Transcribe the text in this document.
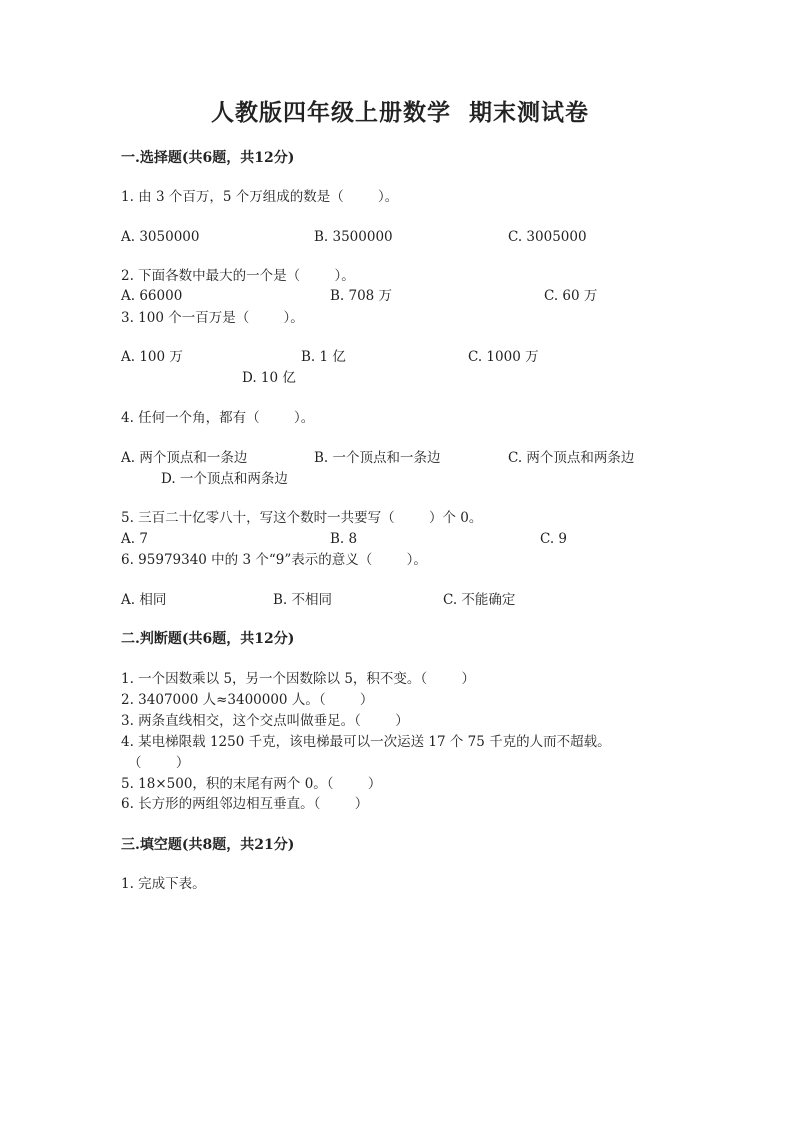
人教版四年级上册数学  期末测试卷
一.选择题(共6题，共12分)
1. 由 3 个百万，5 个万组成的数是（        ）。
A. 3050000	B. 3500000	C. 3005000
2. 下面各数中最大的一个是（        ）。
A. 66000	B. 708 万	C. 60 万
3. 100 个一百万是（        ）。
A. 100 万	B. 1 亿	C. 1000 万
D. 10 亿
4. 任何一个角，都有（        ）。
A. 两个顶点和一条边	B. 一个顶点和一条边	C. 两个顶点和两条边
D. 一个顶点和两条边
5. 三百二十亿零八十，写这个数时一共要写（        ）个 0。
A. 7	B. 8	C. 9
6. 95979340 中的 3 个“9”表示的意义（        ）。
A. 相同	B. 不相同	C. 不能确定
二.判断题(共6题，共12分)
1. 一个因数乘以 5，另一个因数除以 5，积不变。（        ）
2. 3407000 人≈3400000 人。（        ）
3. 两条直线相交，这个交点叫做垂足。（        ）
4. 某电梯限载 1250 千克，该电梯最可以一次运送 17 个 75 千克的人而不超载。
（        ）
5. 18×500，积的末尾有两个 0。（        ）
6. 长方形的两组邻边相互垂直。（        ）
三.填空题(共8题，共21分)
1. 完成下表。
